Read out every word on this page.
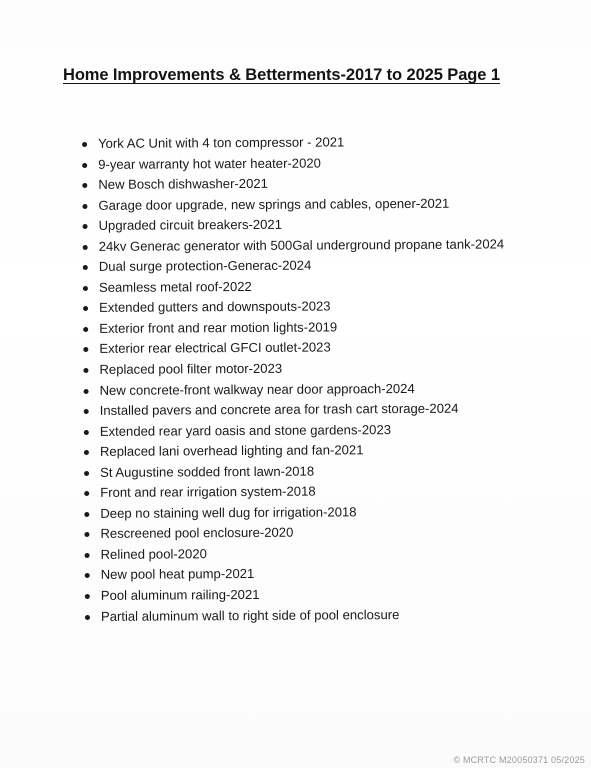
Home Improvements & Betterments-2017 to 2025 Page 1
York AC Unit with 4 ton compressor - 2021
9-year warranty hot water heater-2020
New Bosch dishwasher-2021
Garage door upgrade, new springs and cables, opener-2021
Upgraded circuit breakers-2021
24kv Generac generator with 500Gal underground propane tank-2024
Dual surge protection-Generac-2024
Seamless metal roof-2022
Extended gutters and downspouts-2023
Exterior front and rear motion lights-2019
Exterior rear electrical GFCI outlet-2023
Replaced pool filter motor-2023
New concrete-front walkway near door approach-2024
Installed pavers and concrete area for trash cart storage-2024
Extended rear yard oasis and stone gardens-2023
Replaced lani overhead lighting and fan-2021
St Augustine sodded front lawn-2018
Front and rear irrigation system-2018
Deep no staining well dug for irrigation-2018
Rescreened pool enclosure-2020
Relined pool-2020
New pool heat pump-2021
Pool aluminum railing-2021
Partial aluminum wall to right side of pool enclosure
© MCRTC M20050371 05/2025
